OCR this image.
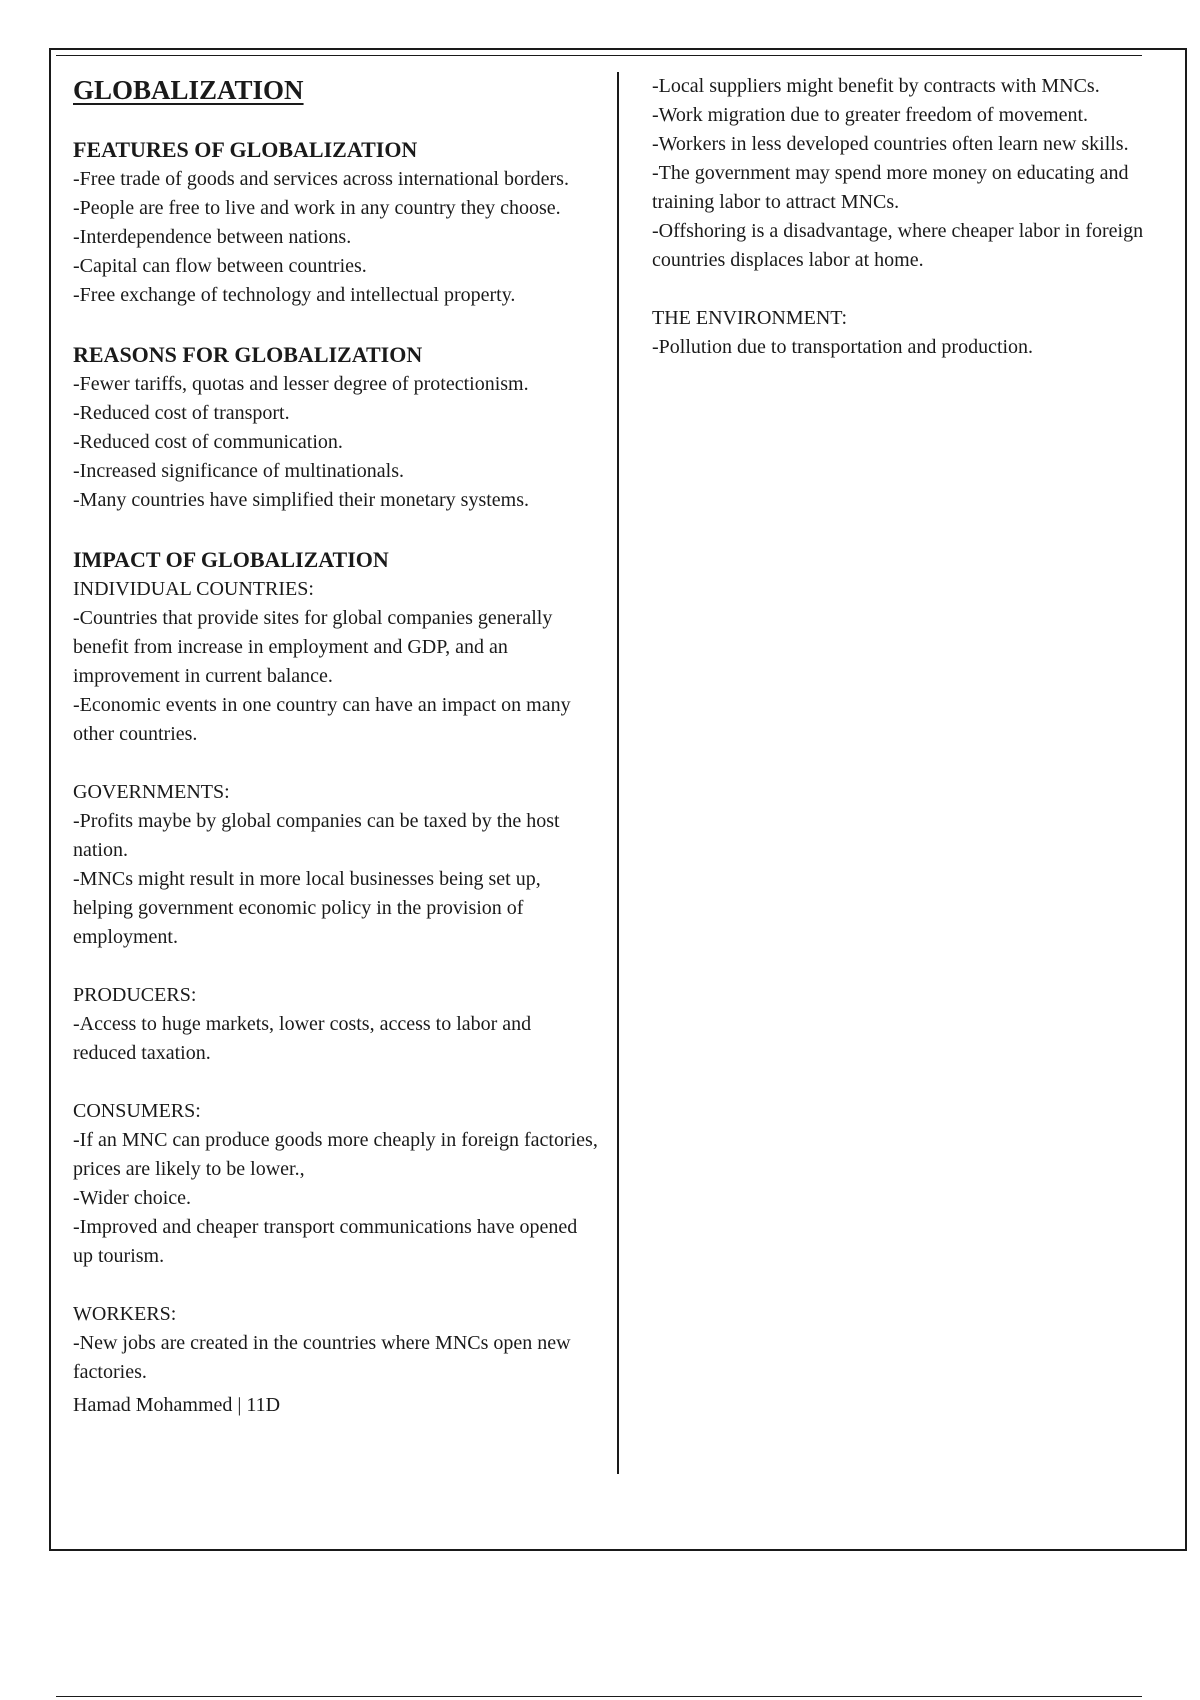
GLOBALIZATION
FEATURES OF GLOBALIZATION

-Free trade of goods and services across international borders.

-People are free to live and work in any country they choose.

-Interdependence between nations.

-Capital can flow between countries.

-Free exchange of technology and intellectual property.

REASONS FOR GLOBALIZATION

-Fewer tariffs, quotas and lesser degree of protectionism.

-Reduced cost of transport.

-Reduced cost of communication.

-Increased significance of multinationals.

-Many countries have simplified their monetary systems.

IMPACT OF GLOBALIZATION

INDIVIDUAL COUNTRIES:

-Countries that provide sites for global companies generally benefit from increase in employment and GDP, and an improvement in current balance.

-Economic events in one country can have an impact on many other countries.

GOVERNMENTS:

-Profits maybe by global companies can be taxed by the host nation.

-MNCs might result in more local businesses being set up, helping government economic policy in the provision of employment.

PRODUCERS:

-Access to huge markets, lower costs, access to labor and reduced taxation.

CONSUMERS:

-If an MNC can produce goods more cheaply in foreign factories, prices are likely to be lower.,

-Wider choice.

-Improved and cheaper transport communications have opened up tourism.

WORKERS:

-New jobs are created in the countries where MNCs open new factories.

Hamad Mohammed | 11D

-Local suppliers might benefit by contracts with MNCs.

-Work migration due to greater freedom of movement.

-Workers in less developed countries often learn new skills.

-The government may spend more money on educating and training labor to attract MNCs.

-Offshoring is a disadvantage, where cheaper labor in foreign countries displaces labor at home.

THE ENVIRONMENT:

-Pollution due to transportation and production.
